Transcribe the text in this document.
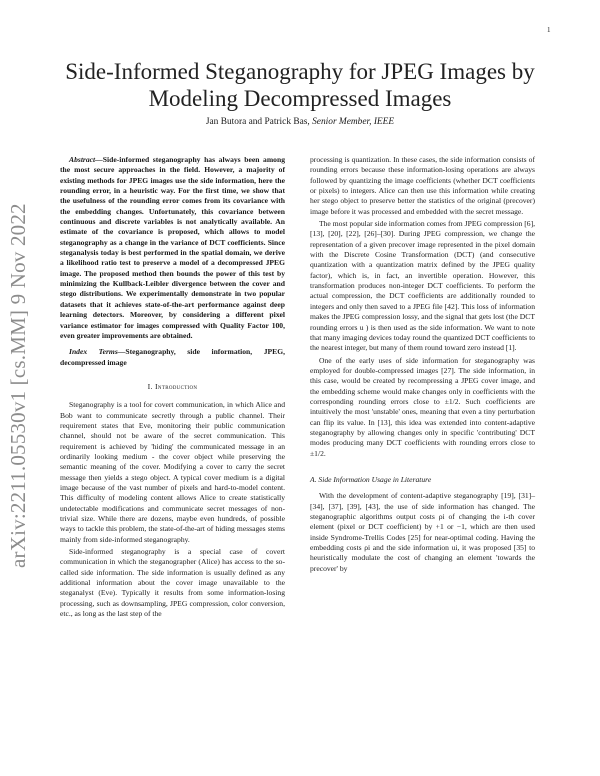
1
arXiv:2211.05530v1 [cs.MM] 9 Nov 2022
Side-Informed Steganography for JPEG Images by Modeling Decompressed Images
Jan Butora and Patrick Bas, Senior Member, IEEE

Abstract—Side-informed steganography has always been among the most secure approaches in the field. However, a majority of existing methods for JPEG images use the side information, here the rounding error, in a heuristic way. For the first time, we show that the usefulness of the rounding error comes from its covariance with the embedding changes. Unfortunately, this covariance between continuous and discrete variables is not analytically available. An estimate of the covariance is proposed, which allows to model steganography as a change in the variance of DCT coefficients. Since steganalysis today is best performed in the spatial domain, we derive a likelihood ratio test to preserve a model of a decompressed JPEG image. The proposed method then bounds the power of this test by minimizing the Kullback-Leibler divergence between the cover and stego distributions. We experimentally demonstrate in two popular datasets that it achieves state-of-the-art performance against deep learning detectors. Moreover, by considering a different pixel variance estimator for images compressed with Quality Factor 100, even greater improvements are obtained.

Index Terms—Steganography, side information, JPEG, decompressed image

I. Introduction

Steganography is a tool for covert communication, in which Alice and Bob want to communicate secretly through a public channel. Their requirement states that Eve, monitoring their public communication channel, should not be aware of the secret communication. This requirement is achieved by 'hiding' the communicated message in an ordinarily looking medium - the cover object while preserving the semantic meaning of the cover. Modifying a cover to carry the secret message then yields a stego object. A typical cover medium is a digital image because of the vast number of pixels and hard-to-model content. This difficulty of modeling content allows Alice to create statistically undetectable modifications and communicate secret messages of non-trivial size. While there are dozens, maybe even hundreds, of possible ways to tackle this problem, the state-of-the-art of hiding messages stems mainly from side-informed steganography.

Side-informed steganography is a special case of covert communication in which the steganographer (Alice) has access to the so-called side information. The side information is usually defined as any additional information about the cover image unavailable to the steganalyst (Eve). Typically it results from some information-losing processing, such as downsampling, JPEG compression, color conversion, etc., as long as the last step of the

processing is quantization. In these cases, the side information consists of rounding errors because these information-losing operations are always followed by quantizing the image coefficients (whether DCT coefficients or pixels) to integers. Alice can then use this information while creating her stego object to preserve better the statistics of the original (precover) image before it was processed and embedded with the secret message.

The most popular side information comes from JPEG compression [6], [13], [20], [22], [26]–[30]. During JPEG compression, we change the representation of a given precover image represented in the pixel domain with the Discrete Cosine Transformation (DCT) (and consecutive quantization with a quantization matrix defined by the JPEG quality factor), which is, in fact, an invertible operation. However, this transformation produces non-integer DCT coefficients. To perform the actual compression, the DCT coefficients are additionally rounded to integers and only then saved to a JPEG file [42]. This loss of information makes the JPEG compression lossy, and the signal that gets lost (the DCT rounding errors u ) is then used as the side information. We want to note that many imaging devices today round the quantized DCT coefficients to the nearest integer, but many of them round toward zero instead [1].

One of the early uses of side information for steganography was employed for double-compressed images [27]. The side information, in this case, would be created by recompressing a JPEG cover image, and the embedding scheme would make changes only in coefficients with the corresponding rounding errors close to ±1/2. Such coefficients are intuitively the most 'unstable' ones, meaning that even a tiny perturbation can flip its value. In [13], this idea was extended into content-adaptive steganography by allowing changes only in specific 'contributing' DCT modes producing many DCT coefficients with rounding errors close to ±1/2.

A. Side Information Usage in Literature

With the development of content-adaptive steganography [19], [31]–[34], [37], [39], [43], the use of side information has changed. The steganographic algorithms output costs ρi of changing the i-th cover element (pixel or DCT coefficient) by +1 or −1, which are then used inside Syndrome-Trellis Codes [25] for near-optimal coding. Having the embedding costs ρi and the side information ui, it was proposed [35] to heuristically modulate the cost of changing an element 'towards the precover' by
